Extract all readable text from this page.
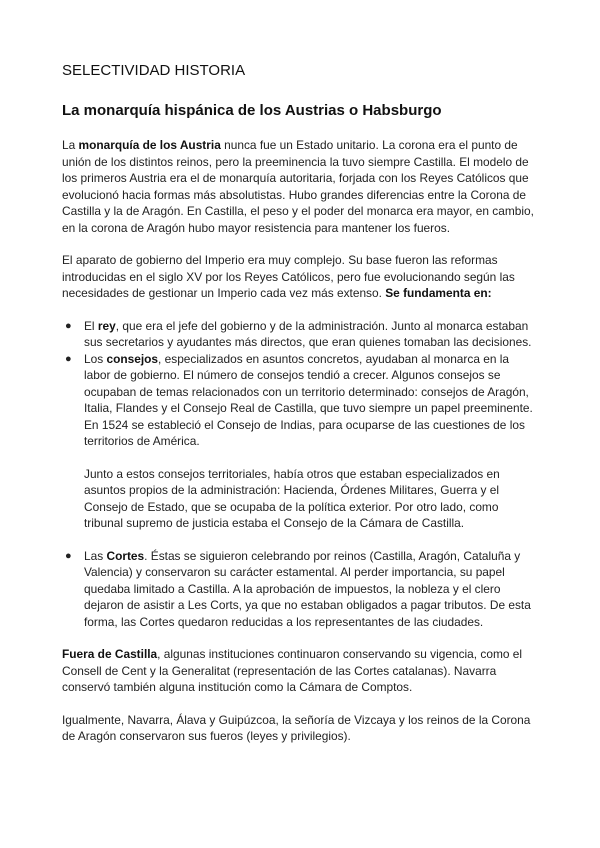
SELECTIVIDAD HISTORIA
La monarquía hispánica de los Austrias o Habsburgo

La monarquía de los Austria nunca fue un Estado unitario. La corona era el punto de unión de los distintos reinos, pero la preeminencia la tuvo siempre Castilla. El modelo de los primeros Austria era el de monarquía autoritaria, forjada con los Reyes Católicos que evolucionó hacia formas más absolutistas. Hubo grandes diferencias entre la Corona de Castilla y la de Aragón. En Castilla, el peso y el poder del monarca era mayor, en cambio, en la corona de Aragón hubo mayor resistencia para mantener los fueros.

El aparato de gobierno del Imperio era muy complejo. Su base fueron las reformas introducidas en el siglo XV por los Reyes Católicos, pero fue evolucionando según las necesidades de gestionar un Imperio cada vez más extenso. Se fundamenta en:

● El rey, que era el jefe del gobierno y de la administración. Junto al monarca estaban sus secretarios y ayudantes más directos, que eran quienes tomaban las decisiones.
● Los consejos, especializados en asuntos concretos, ayudaban al monarca en la labor de gobierno. El número de consejos tendió a crecer. Algunos consejos se ocupaban de temas relacionados con un territorio determinado: consejos de Aragón, Italia, Flandes y el Consejo Real de Castilla, que tuvo siempre un papel preeminente. En 1524 se estableció el Consejo de Indias, para ocuparse de las cuestiones de los territorios de América.

Junto a estos consejos territoriales, había otros que estaban especializados en asuntos propios de la administración: Hacienda, Órdenes Militares, Guerra y el Consejo de Estado, que se ocupaba de la política exterior. Por otro lado, como tribunal supremo de justicia estaba el Consejo de la Cámara de Castilla.

● Las Cortes. Éstas se siguieron celebrando por reinos (Castilla, Aragón, Cataluña y Valencia) y conservaron su carácter estamental. Al perder importancia, su papel quedaba limitado a Castilla. A la aprobación de impuestos, la nobleza y el clero dejaron de asistir a Les Corts, ya que no estaban obligados a pagar tributos. De esta forma, las Cortes quedaron reducidas a los representantes de las ciudades.

Fuera de Castilla, algunas instituciones continuaron conservando su vigencia, como el Consell de Cent y la Generalitat (representación de las Cortes catalanas). Navarra conservó también alguna institución como la Cámara de Comptos.

Igualmente, Navarra, Álava y Guipúzcoa, la señoría de Vizcaya y los reinos de la Corona de Aragón conservaron sus fueros (leyes y privilegios).
